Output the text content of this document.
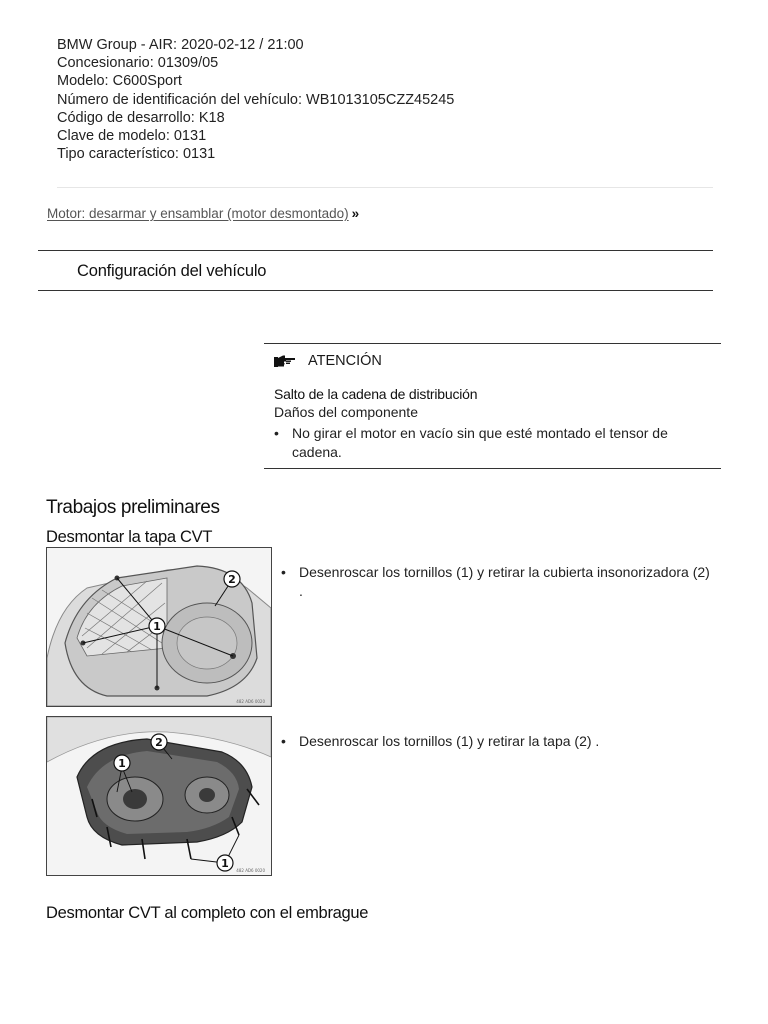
BMW Group - AIR: 2020-02-12 / 21:00
Concesionario: 01309/05
Modelo: C600Sport
Número de identificación del vehículo: WB1013105CZZ45245
Código de desarrollo: K18
Clave de modelo: 0131
Tipo característico: 0131
Motor: desarmar y ensamblar (motor desmontado) »
Configuración del vehículo
ATENCIÓN
Salto de la cadena de distribución
Daños del componente
• No girar el motor en vacío sin que esté montado el tensor de cadena.
Trabajos preliminares
Desmontar la tapa CVT
1
2
482 AD6 0020
• Desenroscar los tornillos (1) y retirar la cubierta insonorizadora (2) .
1
1
2
482 AD6 0020
• Desenroscar los tornillos (1) y retirar la tapa (2) .
Desmontar CVT al completo con el embrague
